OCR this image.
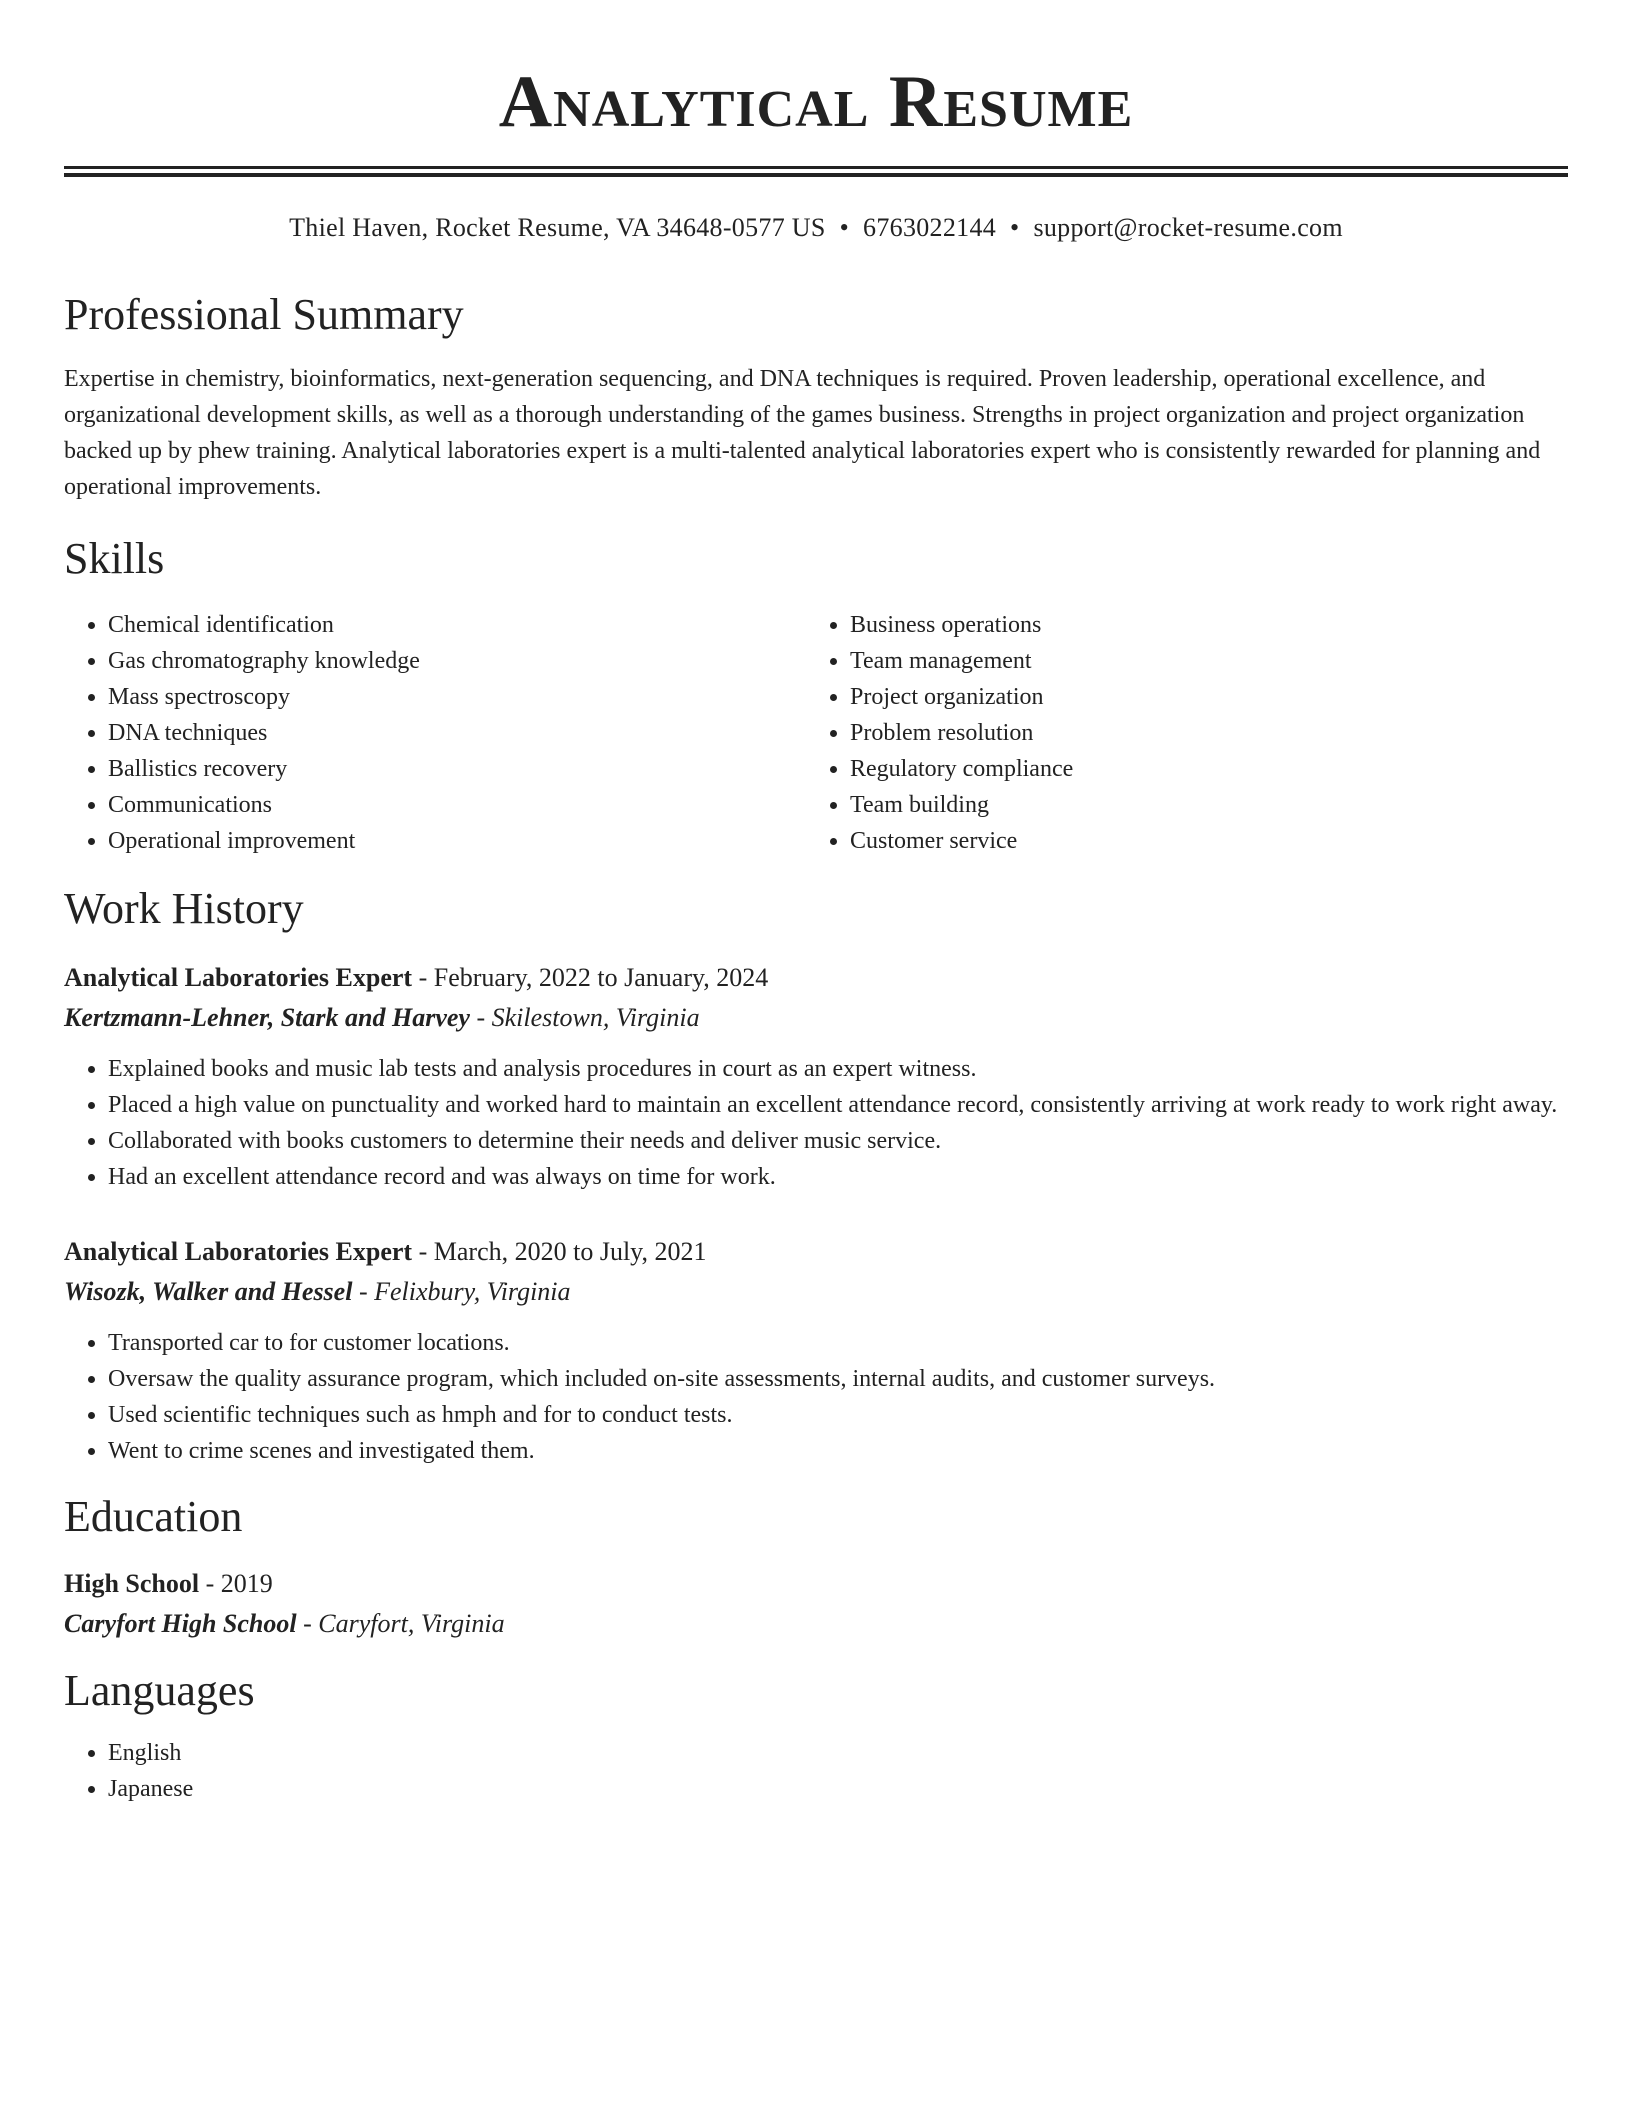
Analytical Resume
Thiel Haven, Rocket Resume, VA 34648-0577 US • 6763022144 • support@rocket-resume.com
Professional Summary

Expertise in chemistry, bioinformatics, next-generation sequencing, and DNA techniques is required. Proven leadership, operational excellence, and organizational development skills, as well as a thorough understanding of the games business. Strengths in project organization and project organization backed up by phew training. Analytical laboratories expert is a multi-talented analytical laboratories expert who is consistently rewarded for planning and operational improvements.

Skills
• Chemical identification
• Gas chromatography knowledge
• Mass spectroscopy
• DNA techniques
• Ballistics recovery
• Communications
• Operational improvement
• Business operations
• Team management
• Project organization
• Problem resolution
• Regulatory compliance
• Team building
• Customer service
Work History
Analytical Laboratories Expert - February, 2022 to January, 2024
Kertzmann-Lehner, Stark and Harvey - Skilestown, Virginia
• Explained books and music lab tests and analysis procedures in court as an expert witness.
• Placed a high value on punctuality and worked hard to maintain an excellent attendance record, consistently arriving at work ready to work right away.
• Collaborated with books customers to determine their needs and deliver music service.
• Had an excellent attendance record and was always on time for work.
Analytical Laboratories Expert - March, 2020 to July, 2021
Wisozk, Walker and Hessel - Felixbury, Virginia
• Transported car to for customer locations.
• Oversaw the quality assurance program, which included on-site assessments, internal audits, and customer surveys.
• Used scientific techniques such as hmph and for to conduct tests.
• Went to crime scenes and investigated them.
Education
High School - 2019
Caryfort High School - Caryfort, Virginia
Languages
• English
• Japanese
